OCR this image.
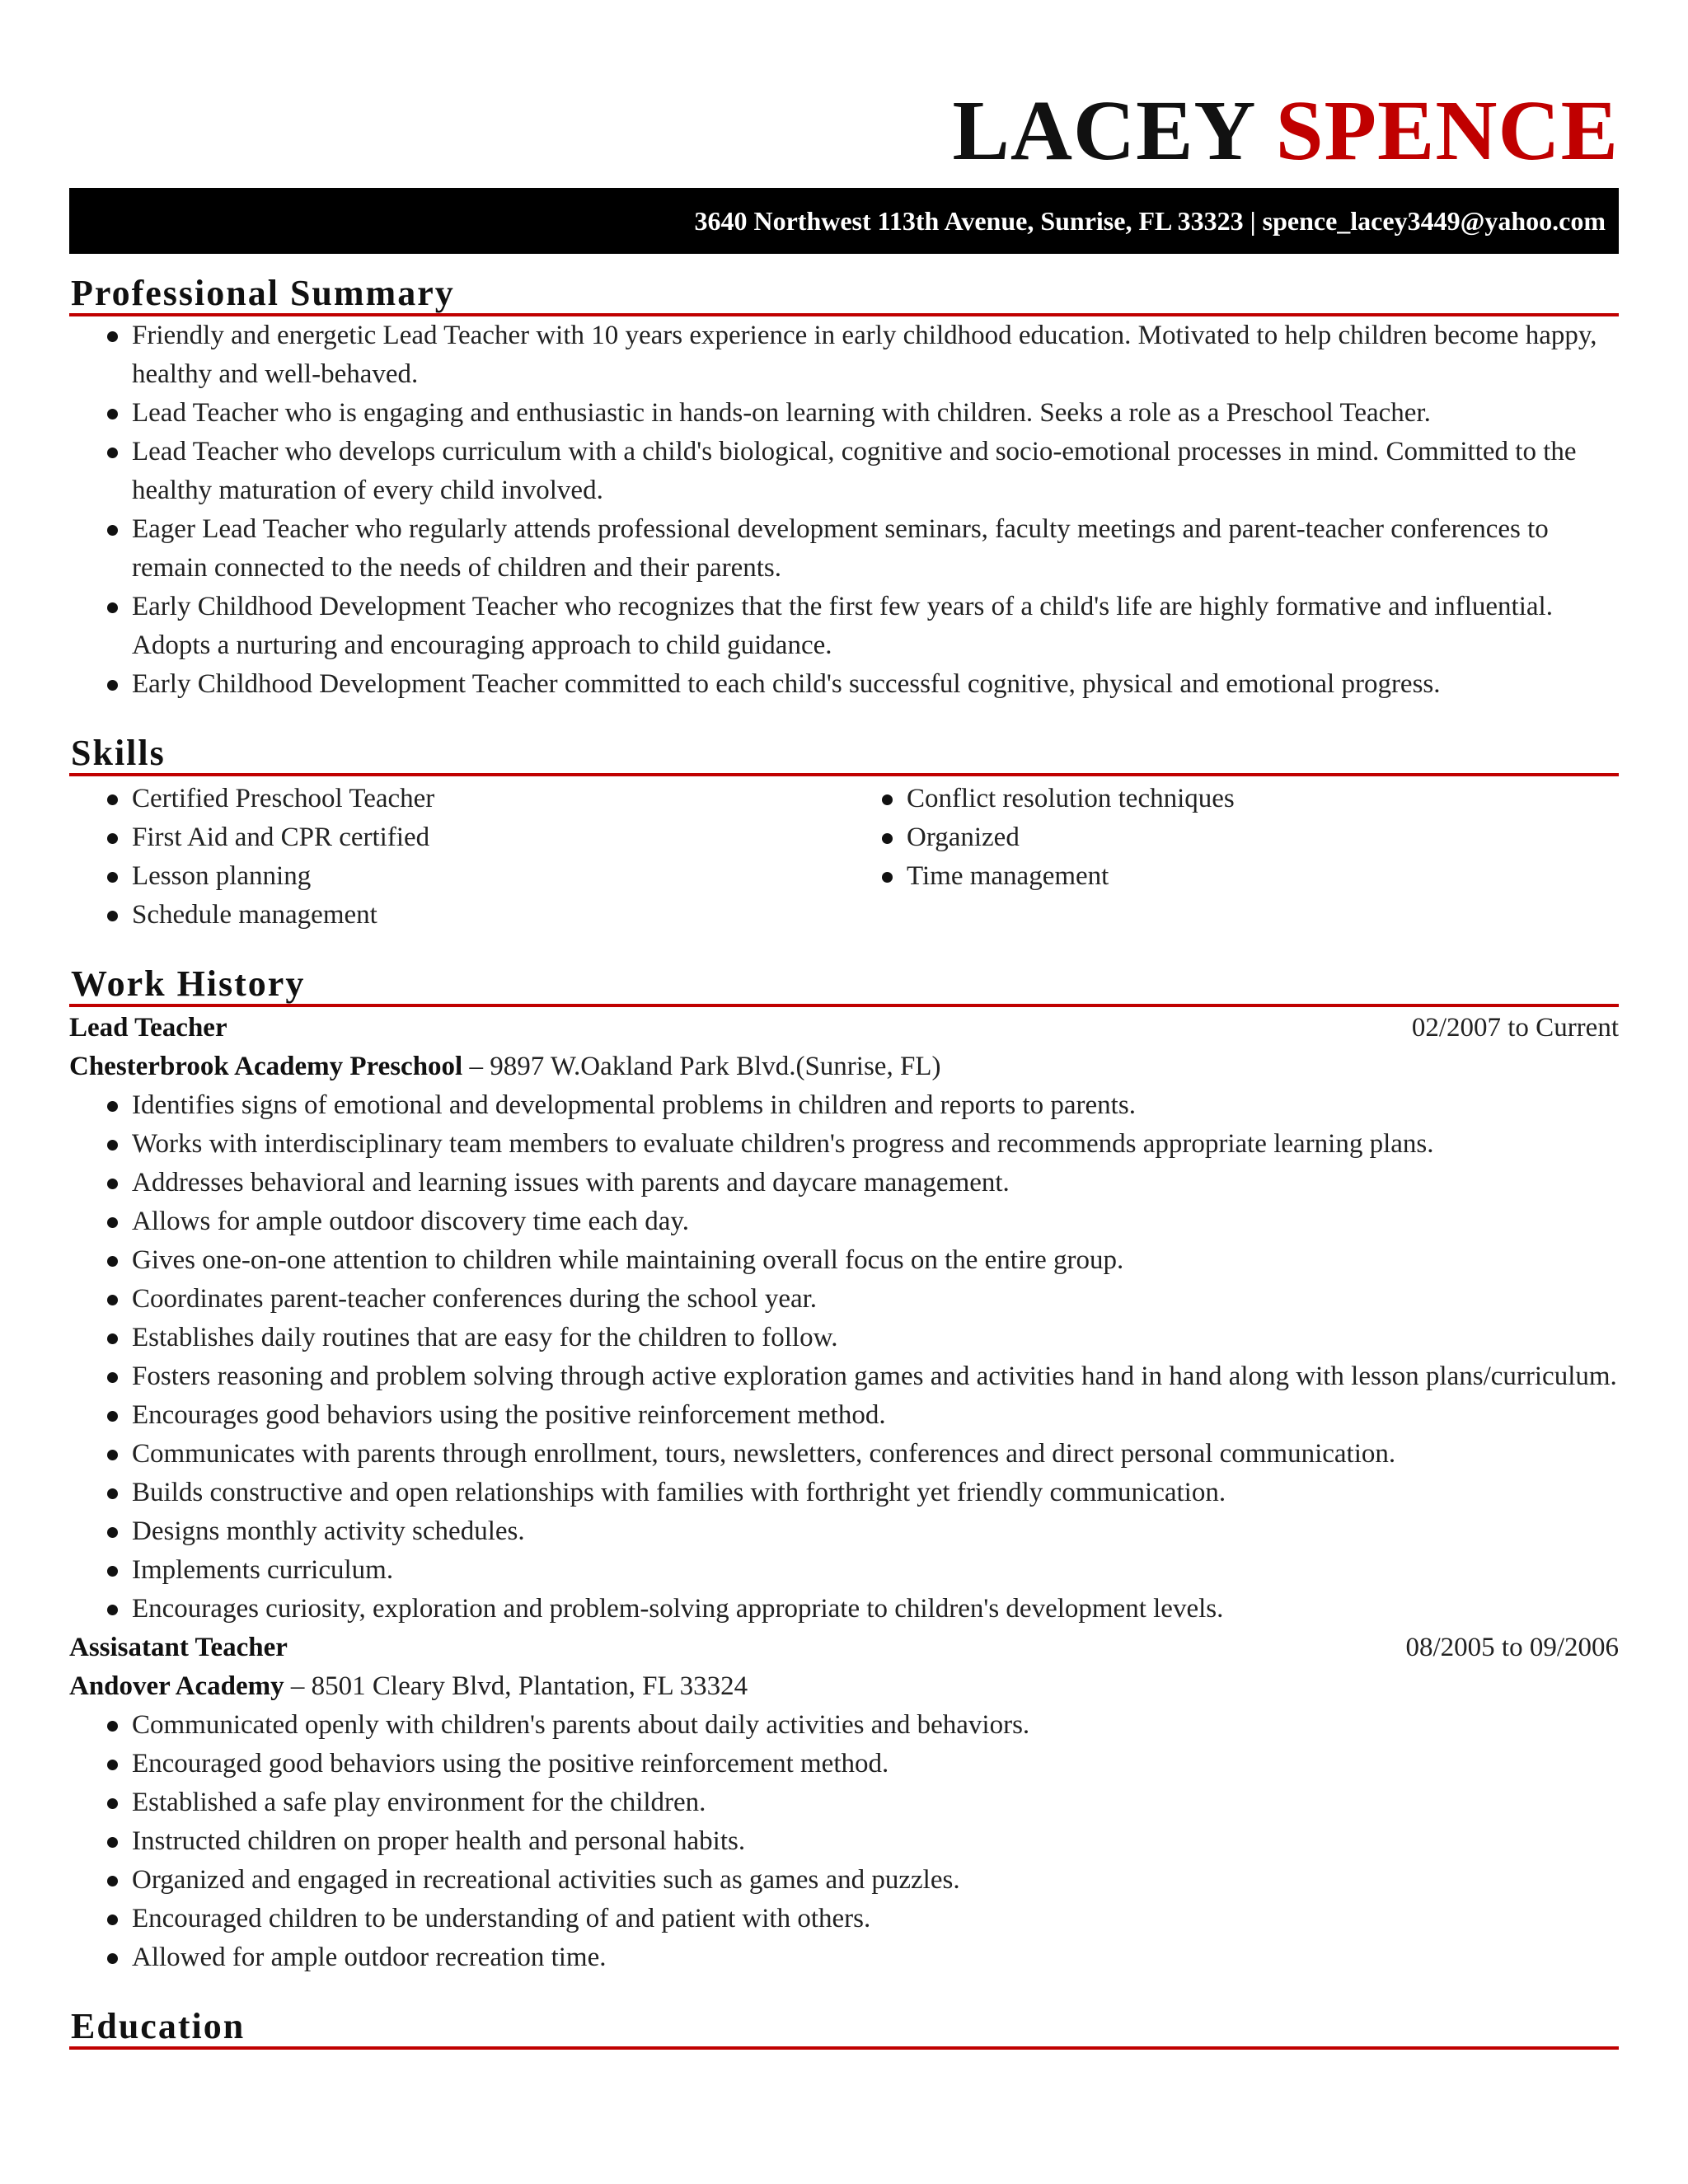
LACEY SPENCE
3640 Northwest 113th Avenue, Sunrise, FL 33323 | spence_lacey3449@yahoo.com
Professional Summary
Friendly and energetic Lead Teacher with 10 years experience in early childhood education. Motivated to help children become happy, healthy and well-behaved.
Lead Teacher who is engaging and enthusiastic in hands-on learning with children. Seeks a role as a Preschool Teacher.
Lead Teacher who develops curriculum with a child's biological, cognitive and socio-emotional processes in mind. Committed to the healthy maturation of every child involved.
Eager Lead Teacher who regularly attends professional development seminars, faculty meetings and parent-teacher conferences to remain connected to the needs of children and their parents.
Early Childhood Development Teacher who recognizes that the first few years of a child's life are highly formative and influential. Adopts a nurturing and encouraging approach to child guidance.
Early Childhood Development Teacher committed to each child's successful cognitive, physical and emotional progress.
Skills
Certified Preschool Teacher
First Aid and CPR certified
Lesson planning
Schedule management
Conflict resolution techniques
Organized
Time management
Work History
Lead Teacher	02/2007 to Current
Chesterbrook Academy Preschool – 9897 W.Oakland Park Blvd.(Sunrise, FL)
Identifies signs of emotional and developmental problems in children and reports to parents.
Works with interdisciplinary team members to evaluate children's progress and recommends appropriate learning plans.
Addresses behavioral and learning issues with parents and daycare management.
Allows for ample outdoor discovery time each day.
Gives one-on-one attention to children while maintaining overall focus on the entire group.
Coordinates parent-teacher conferences during the school year.
Establishes daily routines that are easy for the children to follow.
Fosters reasoning and problem solving through active exploration games and activities hand in hand along with lesson plans/curriculum.
Encourages good behaviors using the positive reinforcement method.
Communicates with parents through enrollment, tours, newsletters, conferences and direct personal communication.
Builds constructive and open relationships with families with forthright yet friendly communication.
Designs monthly activity schedules.
Implements curriculum.
Encourages curiosity, exploration and problem-solving appropriate to children's development levels.
Assisatant Teacher	08/2005 to 09/2006
Andover Academy – 8501 Cleary Blvd, Plantation, FL 33324
Communicated openly with children's parents about daily activities and behaviors.
Encouraged good behaviors using the positive reinforcement method.
Established a safe play environment for the children.
Instructed children on proper health and personal habits.
Organized and engaged in recreational activities such as games and puzzles.
Encouraged children to be understanding of and patient with others.
Allowed for ample outdoor recreation time.
Education
